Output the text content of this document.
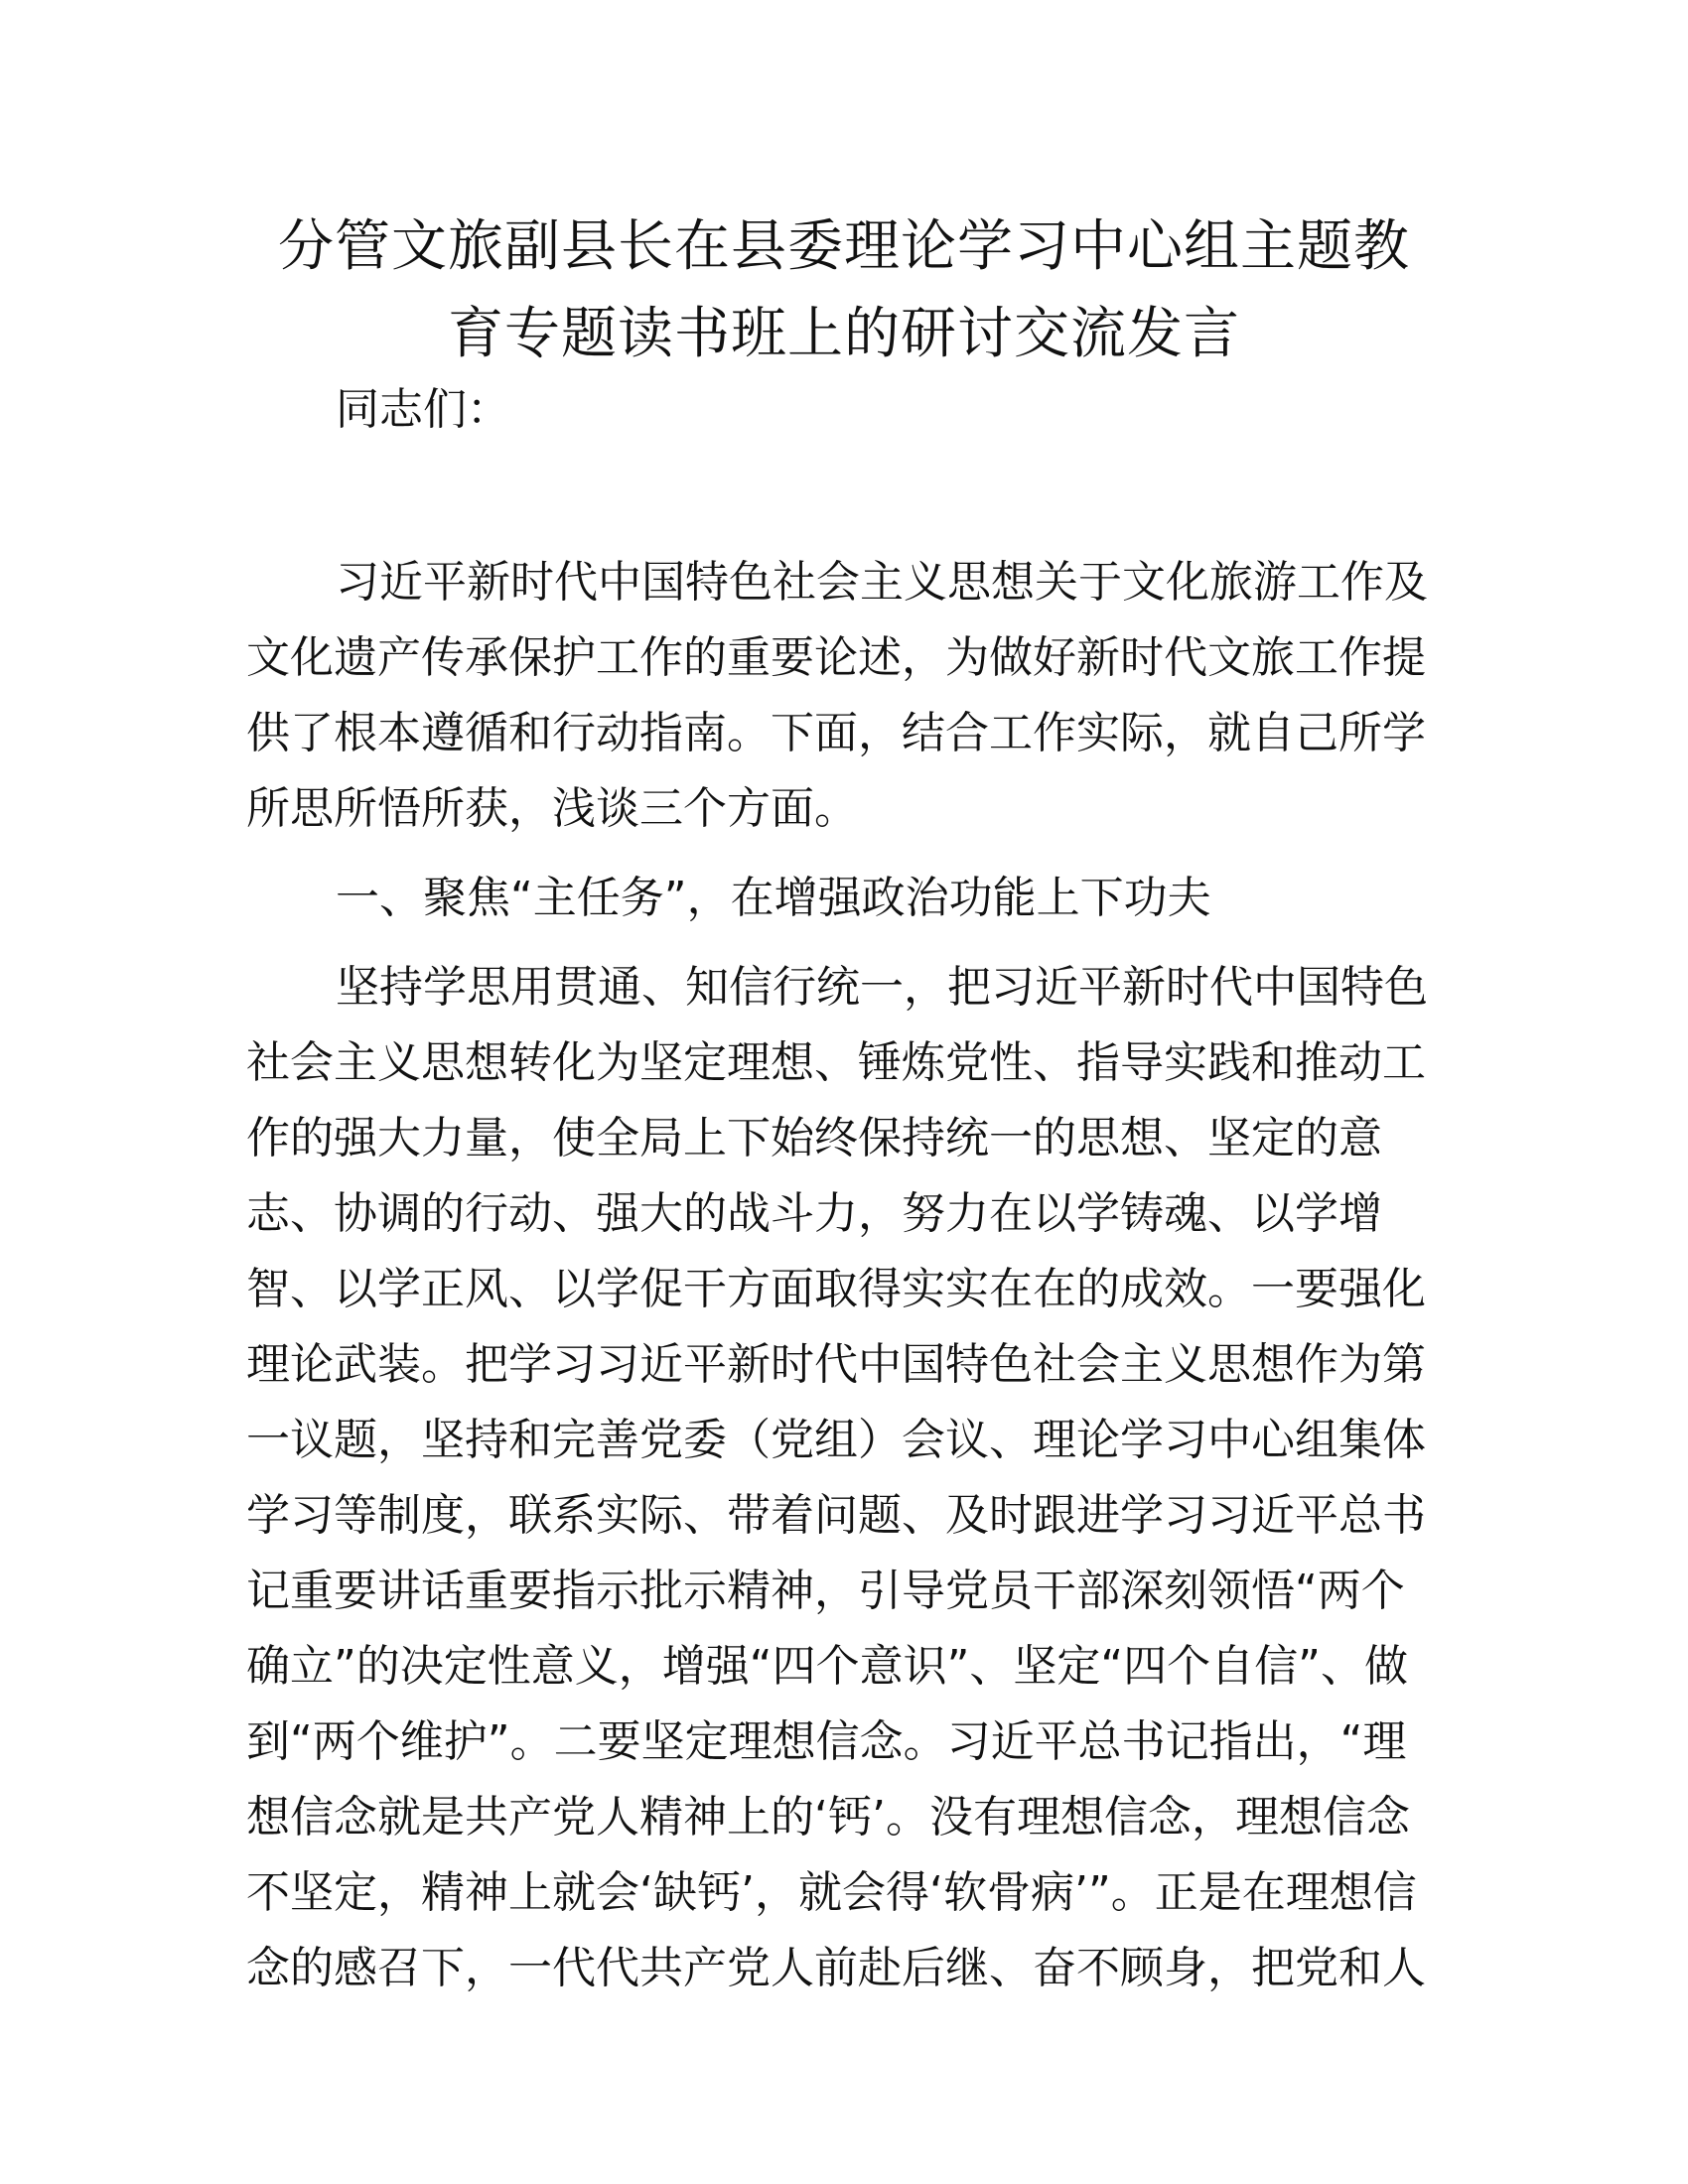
分管文旅副县长在县委理论学习中心组主题教
育专题读书班上的研讨交流发言
同志们：
习近平新时代中国特色社会主义思想关于文化旅游工作及
文化遗产传承保护工作的重要论述，为做好新时代文旅工作提
供了根本遵循和行动指南。下面，结合工作实际，就自己所学
所思所悟所获，浅谈三个方面。
一、聚焦“主任务”，在增强政治功能上下功夫
坚持学思用贯通、知信行统一，把习近平新时代中国特色
社会主义思想转化为坚定理想、锤炼党性、指导实践和推动工
作的强大力量，使全局上下始终保持统一的思想、坚定的意
志、协调的行动、强大的战斗力，努力在以学铸魂、以学增
智、以学正风、以学促干方面取得实实在在的成效。一要强化
理论武装。把学习习近平新时代中国特色社会主义思想作为第
一议题，坚持和完善党委（党组）会议、理论学习中心组集体
学习等制度，联系实际、带着问题、及时跟进学习习近平总书
记重要讲话重要指示批示精神，引导党员干部深刻领悟“两个
确立”的决定性意义，增强“四个意识”、坚定“四个自信”、做
到“两个维护”。二要坚定理想信念。习近平总书记指出，“理
想信念就是共产党人精神上的‘钙’。没有理想信念，理想信念
不坚定，精神上就会‘缺钙’，就会得‘软骨病’”。正是在理想信
念的感召下，一代代共产党人前赴后继、奋不顾身，把党和人
